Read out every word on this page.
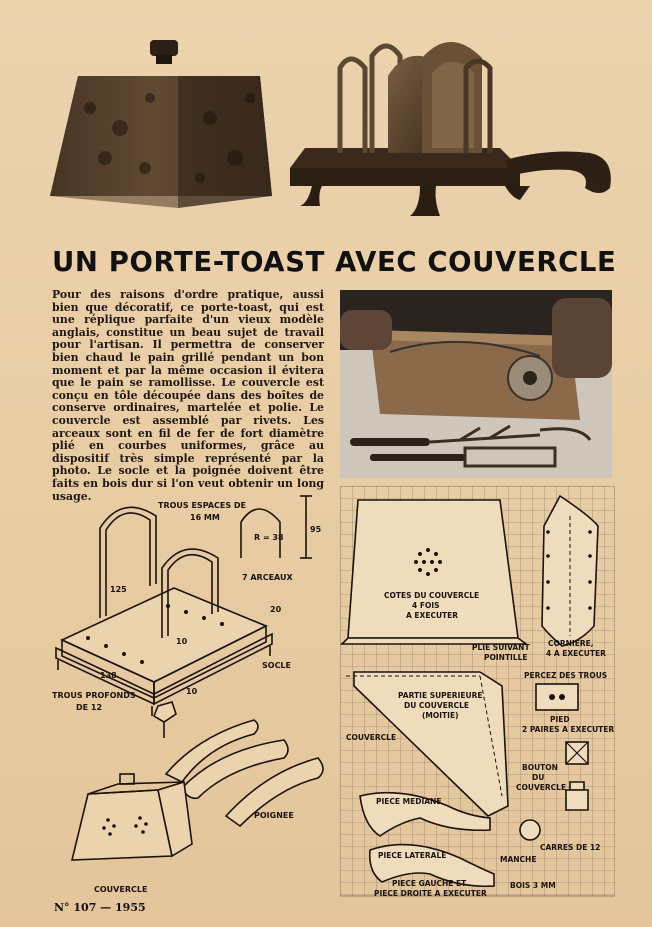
UN PORTE-TOAST AVEC COUVERCLE
Pour des raisons d'ordre pratique, aussi bien que décoratif, ce porte-toast, qui est une réplique parfaite d'un vieux modèle anglais, constitue un beau sujet de travail pour l'artisan. Il permettra de conserver bien chaud le pain grillé pendant un bon moment et par la même occasion il évitera que le pain se ramollisse. Le couvercle est conçu en tôle découpée dans des boîtes de conserve ordinaires, martelée et polie. Le couvercle est assemblé par rivets. Les arceaux sont en fil de fer de fort diamètre plié en courbes uniformes, grâce au dispositif très simple représenté par la photo. Le socle et la poignée doivent être faits en bois dur si l'on veut obtenir un long usage.
TROUS ESPACES DE
16 MM
R = 38
95
7 ARCEAUX
125
20
10
138
SOCLE
10
TROUS PROFONDS
DE 12
POIGNEE
COUVERCLE
COTES DU COUVERCLE
4 FOIS
A EXECUTER
CORNIERE,
4 A EXECUTER
PLIE SUIVANT
POINTILLE
PERCEZ DES TROUS
PARTIE SUPERIEURE
DU COUVERCLE
(MOITIE)	PIED
2 PAIRES A EXECUTER
COUVERCLE
BOUTON
DU
COUVERCLE
PIECE MEDIANE
CARRES DE 12
PIECE LATERALE	MANCHE
PIECE GAUCHE ET
PIECE DROITE A EXECUTER
BOIS 3 MM
N° 107 — 1955
